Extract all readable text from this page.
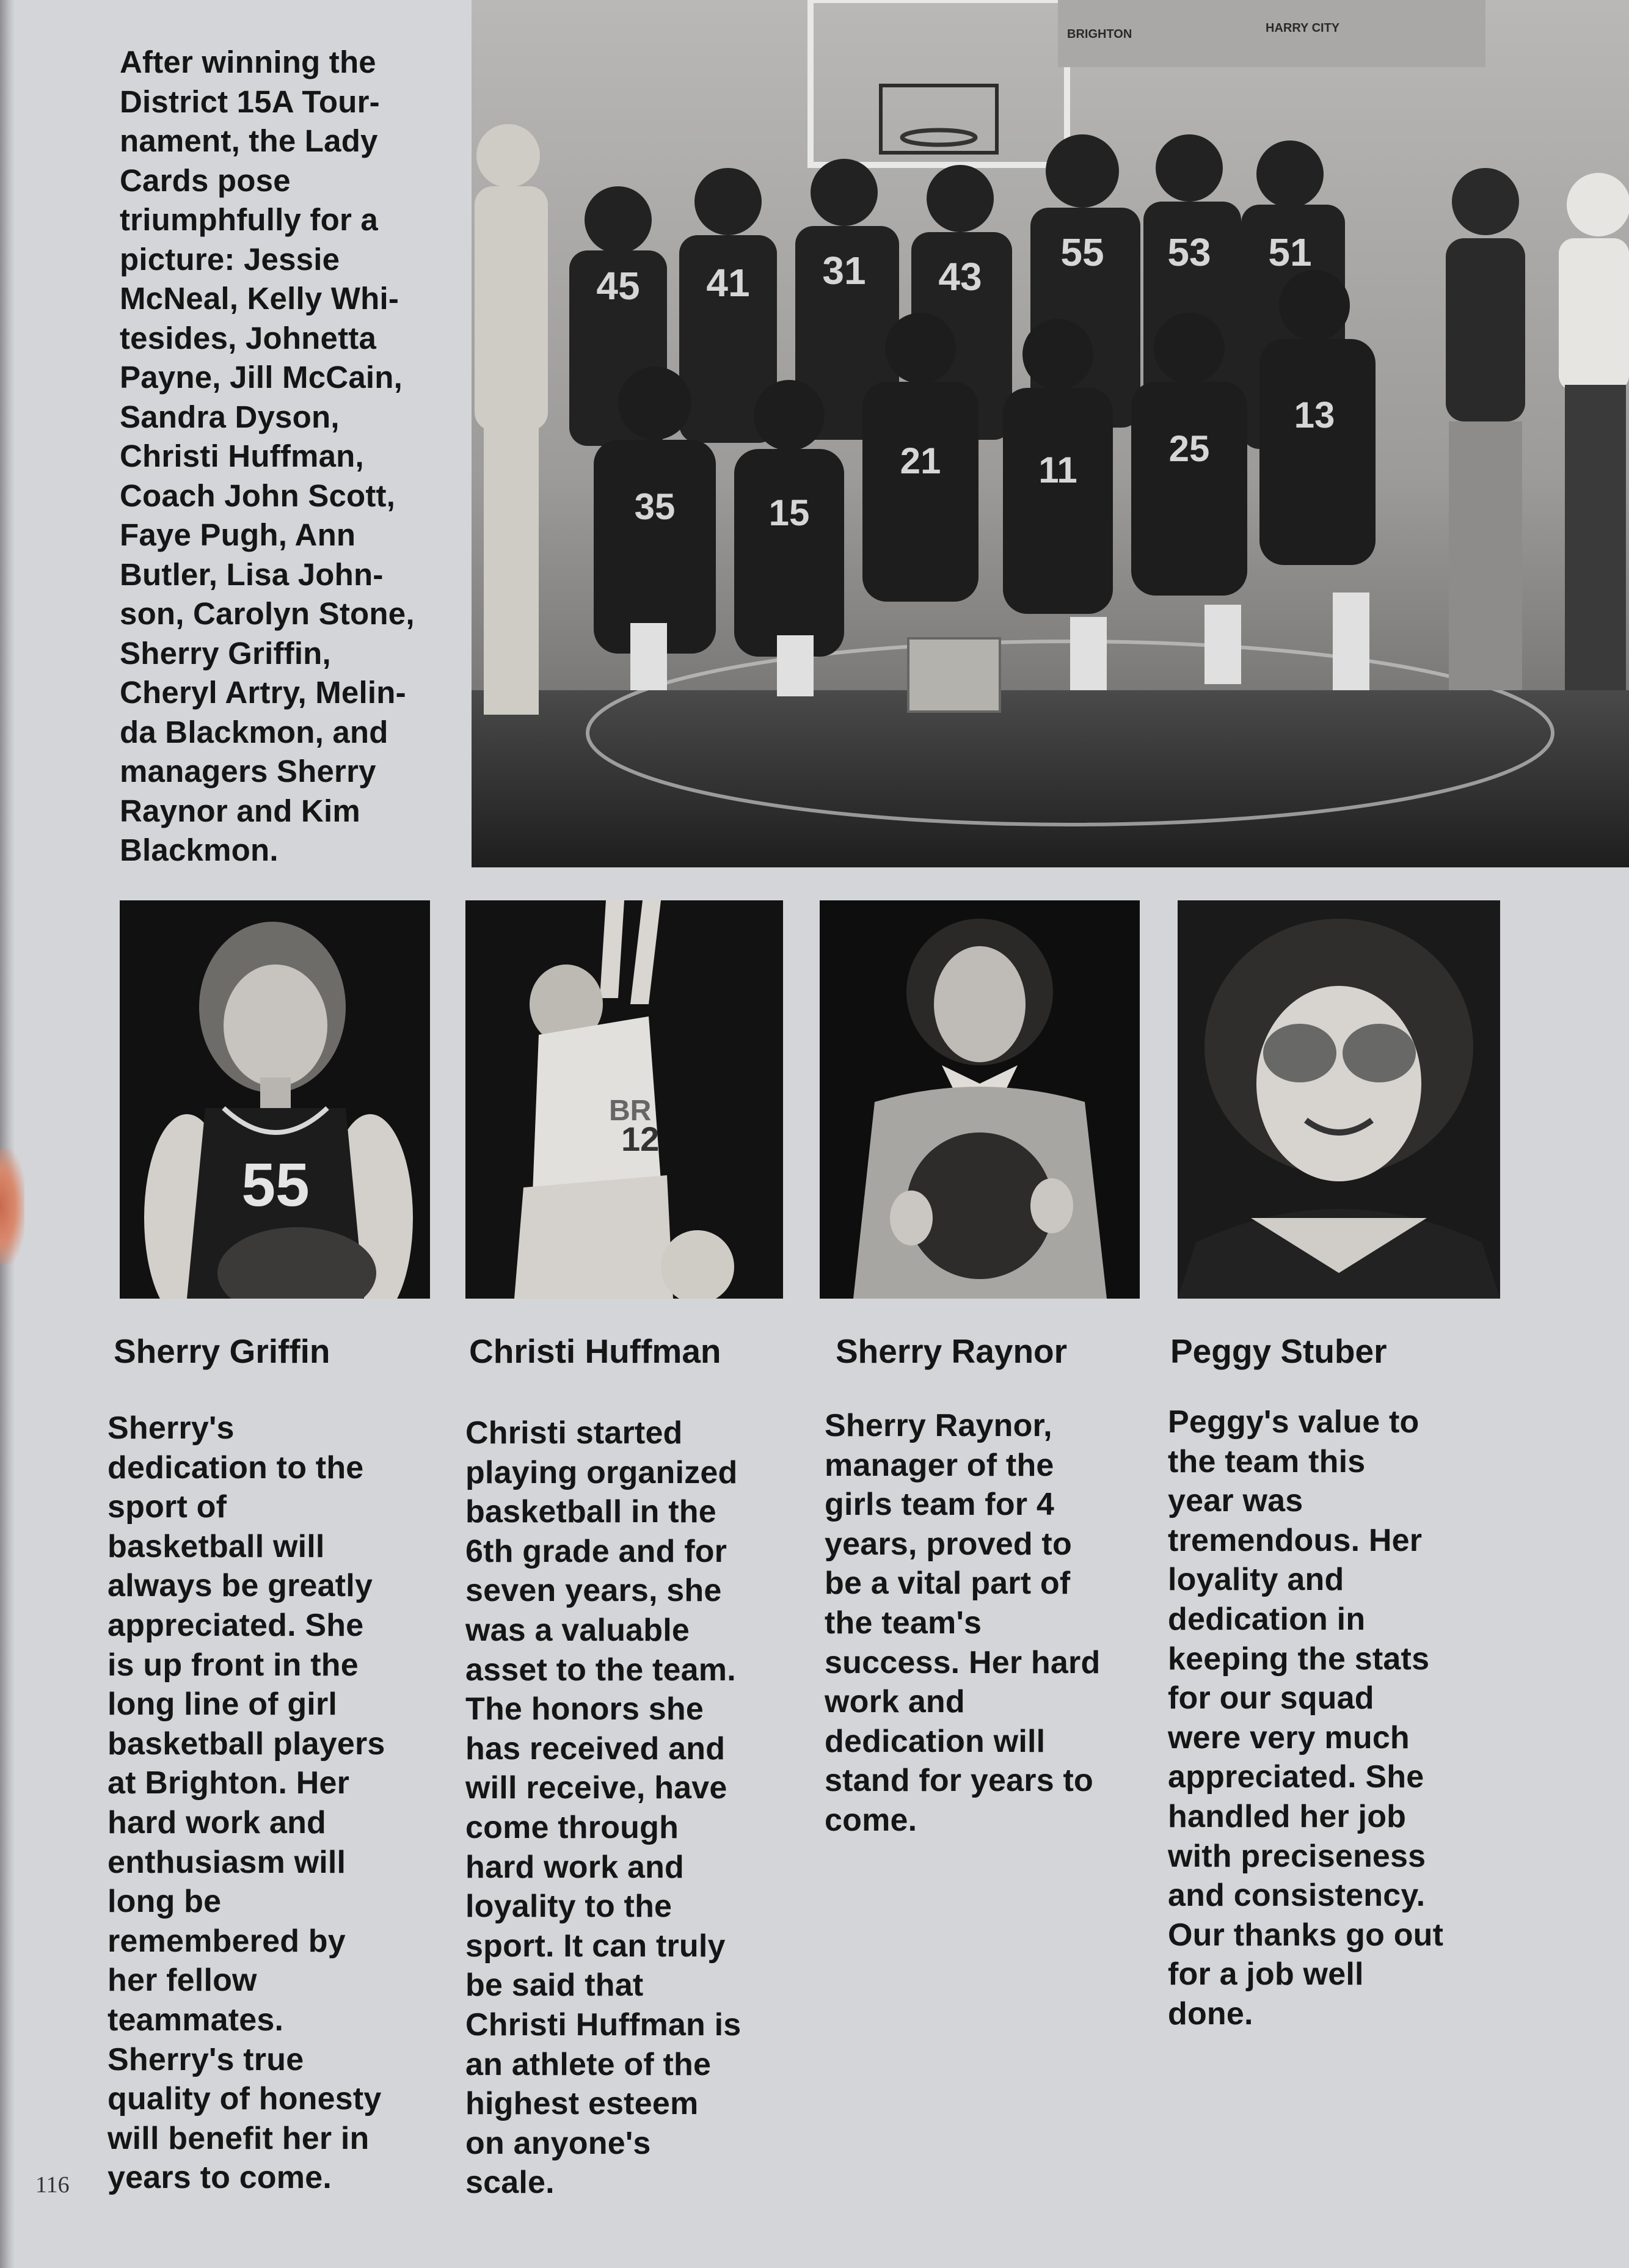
After winning the
District 15A Tour-
nament, the Lady
Cards pose
triumphfully for a
picture: Jessie
McNeal, Kelly Whi-
tesides, Johnetta
Payne, Jill McCain,
Sandra Dyson,
Christi Huffman,
Coach John Scott,
Faye Pugh, Ann
Butler, Lisa John-
son, Carolyn Stone,
Sherry Griffin,
Cheryl Artry, Melin-
da Blackmon, and
managers Sherry
Raynor and Kim
Blackmon.
45 41 31 43
55 53 51
35	15
21	11
25
13
BRIGHTON	HARRY CITY
55
BR
12
Sherry Griffin	Christi Huffman	Sherry Raynor	Peggy Stuber
Sherry's
dedication to the
sport of
basketball will
always be greatly
appreciated. She
is up front in the
long line of girl
basketball players
at Brighton. Her
hard work and
enthusiasm will
long be
remembered by
her fellow
teammates.
Sherry's true
quality of honesty
will benefit her in
years to come.
Christi started
playing organized
basketball in the
6th grade and for
seven years, she
was a valuable
asset to the team.
The honors she
has received and
will receive, have
come through
hard work and
loyality to the
sport. It can truly
be said that
Christi Huffman is
an athlete of the
highest esteem
on anyone's
scale.
Sherry Raynor,
manager of the
girls team for 4
years, proved to
be a vital part of
the team's
success. Her hard
work and
dedication will
stand for years to
come.
Peggy's value to
the team this
year was
tremendous. Her
loyality and
dedication in
keeping the stats
for our squad
were very much
appreciated. She
handled her job
with preciseness
and consistency.
Our thanks go out
for a job well
done.
116
